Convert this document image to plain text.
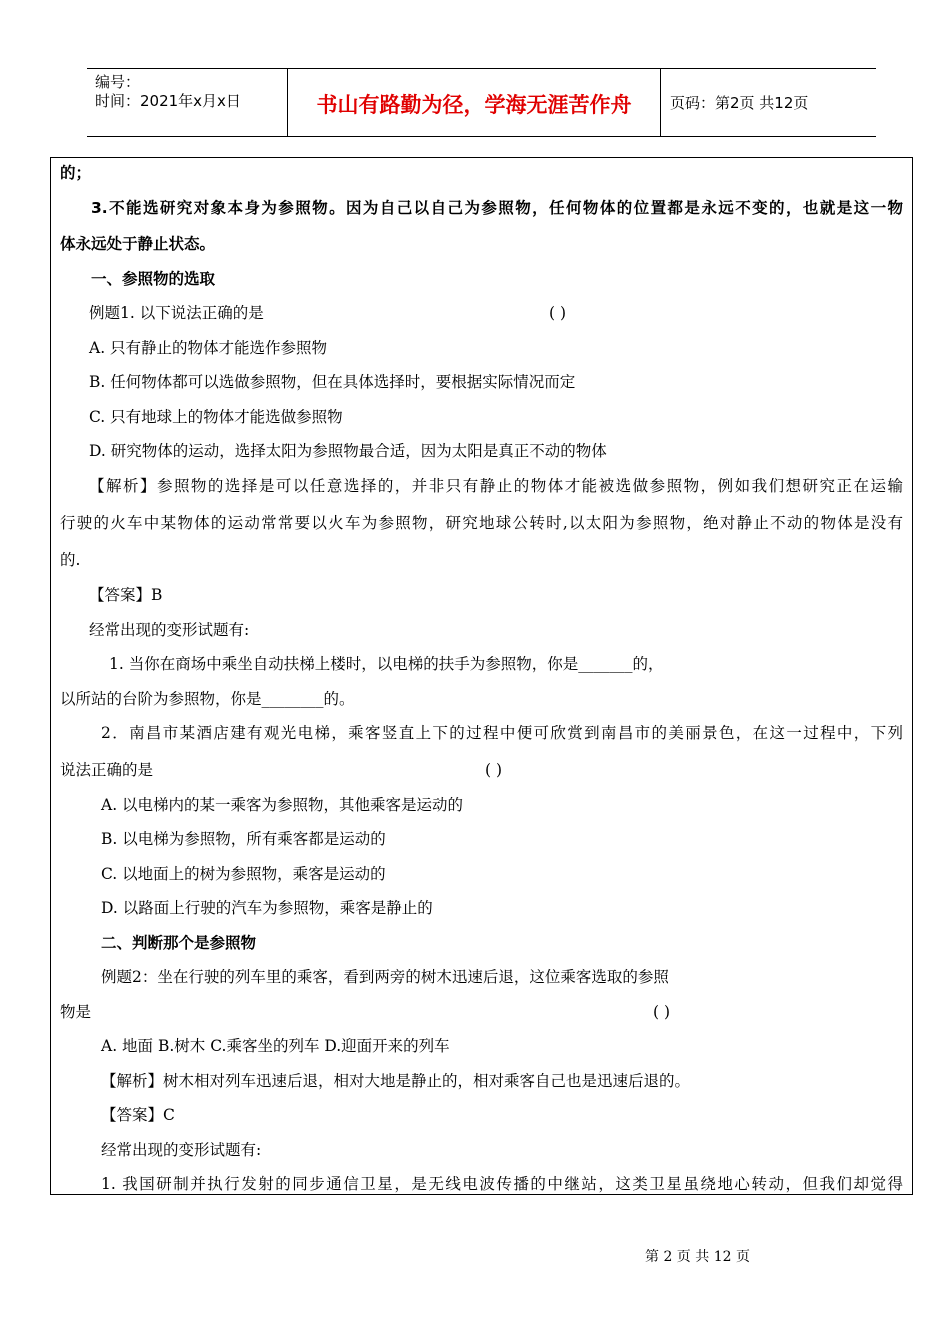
编号：
时间：2021年x月x日	书山有路勤为径，学海无涯苦作舟	页码：第2页 共12页
的；
3.不能选研究对象本身为参照物。因为自己以自己为参照物，任何物体的位置都是永远不变的，也就是这一物
体永远处于静止状态。
一、参照物的选取
例题1. 以下说法正确的是	( )
A. 只有静止的物体才能选作参照物
B. 任何物体都可以选做参照物，但在具体选择时，要根据实际情况而定
C. 只有地球上的物体才能选做参照物
D. 研究物体的运动，选择太阳为参照物最合适，因为太阳是真正不动的物体
【解析】参照物的选择是可以任意选择的，并非只有静止的物体才能被选做参照物，例如我们想研究正在运输
行驶的火车中某物体的运动常常要以火车为参照物，研究地球公转时,以太阳为参照物，绝对静止不动的物体是没有
的.
【答案】B
经常出现的变形试题有:
1. 当你在商场中乘坐自动扶梯上楼时，以电梯的扶手为参照物，你是_______的，
以所站的台阶为参照物，你是________的。
2．南昌市某酒店建有观光电梯，乘客竖直上下的过程中便可欣赏到南昌市的美丽景色，在这一过程中，下列
说法正确的是	( )
A. 以电梯内的某一乘客为参照物，其他乘客是运动的
B. 以电梯为参照物，所有乘客都是运动的
C. 以地面上的树为参照物，乘客是运动的
D. 以路面上行驶的汽车为参照物，乘客是静止的
二、判断那个是参照物
例题2：坐在行驶的列车里的乘客，看到两旁的树木迅速后退，这位乘客选取的参照
物是	( )
A. 地面 B.树木 C.乘客坐的列车 D.迎面开来的列车
【解析】树木相对列车迅速后退，相对大地是静止的，相对乘客自己也是迅速后退的。
【答案】C
经常出现的变形试题有:
1. 我国研制并执行发射的同步通信卫星，是无线电波传播的中继站，这类卫星虽绕地心转动，但我们却觉得
第 2 页 共 12 页
